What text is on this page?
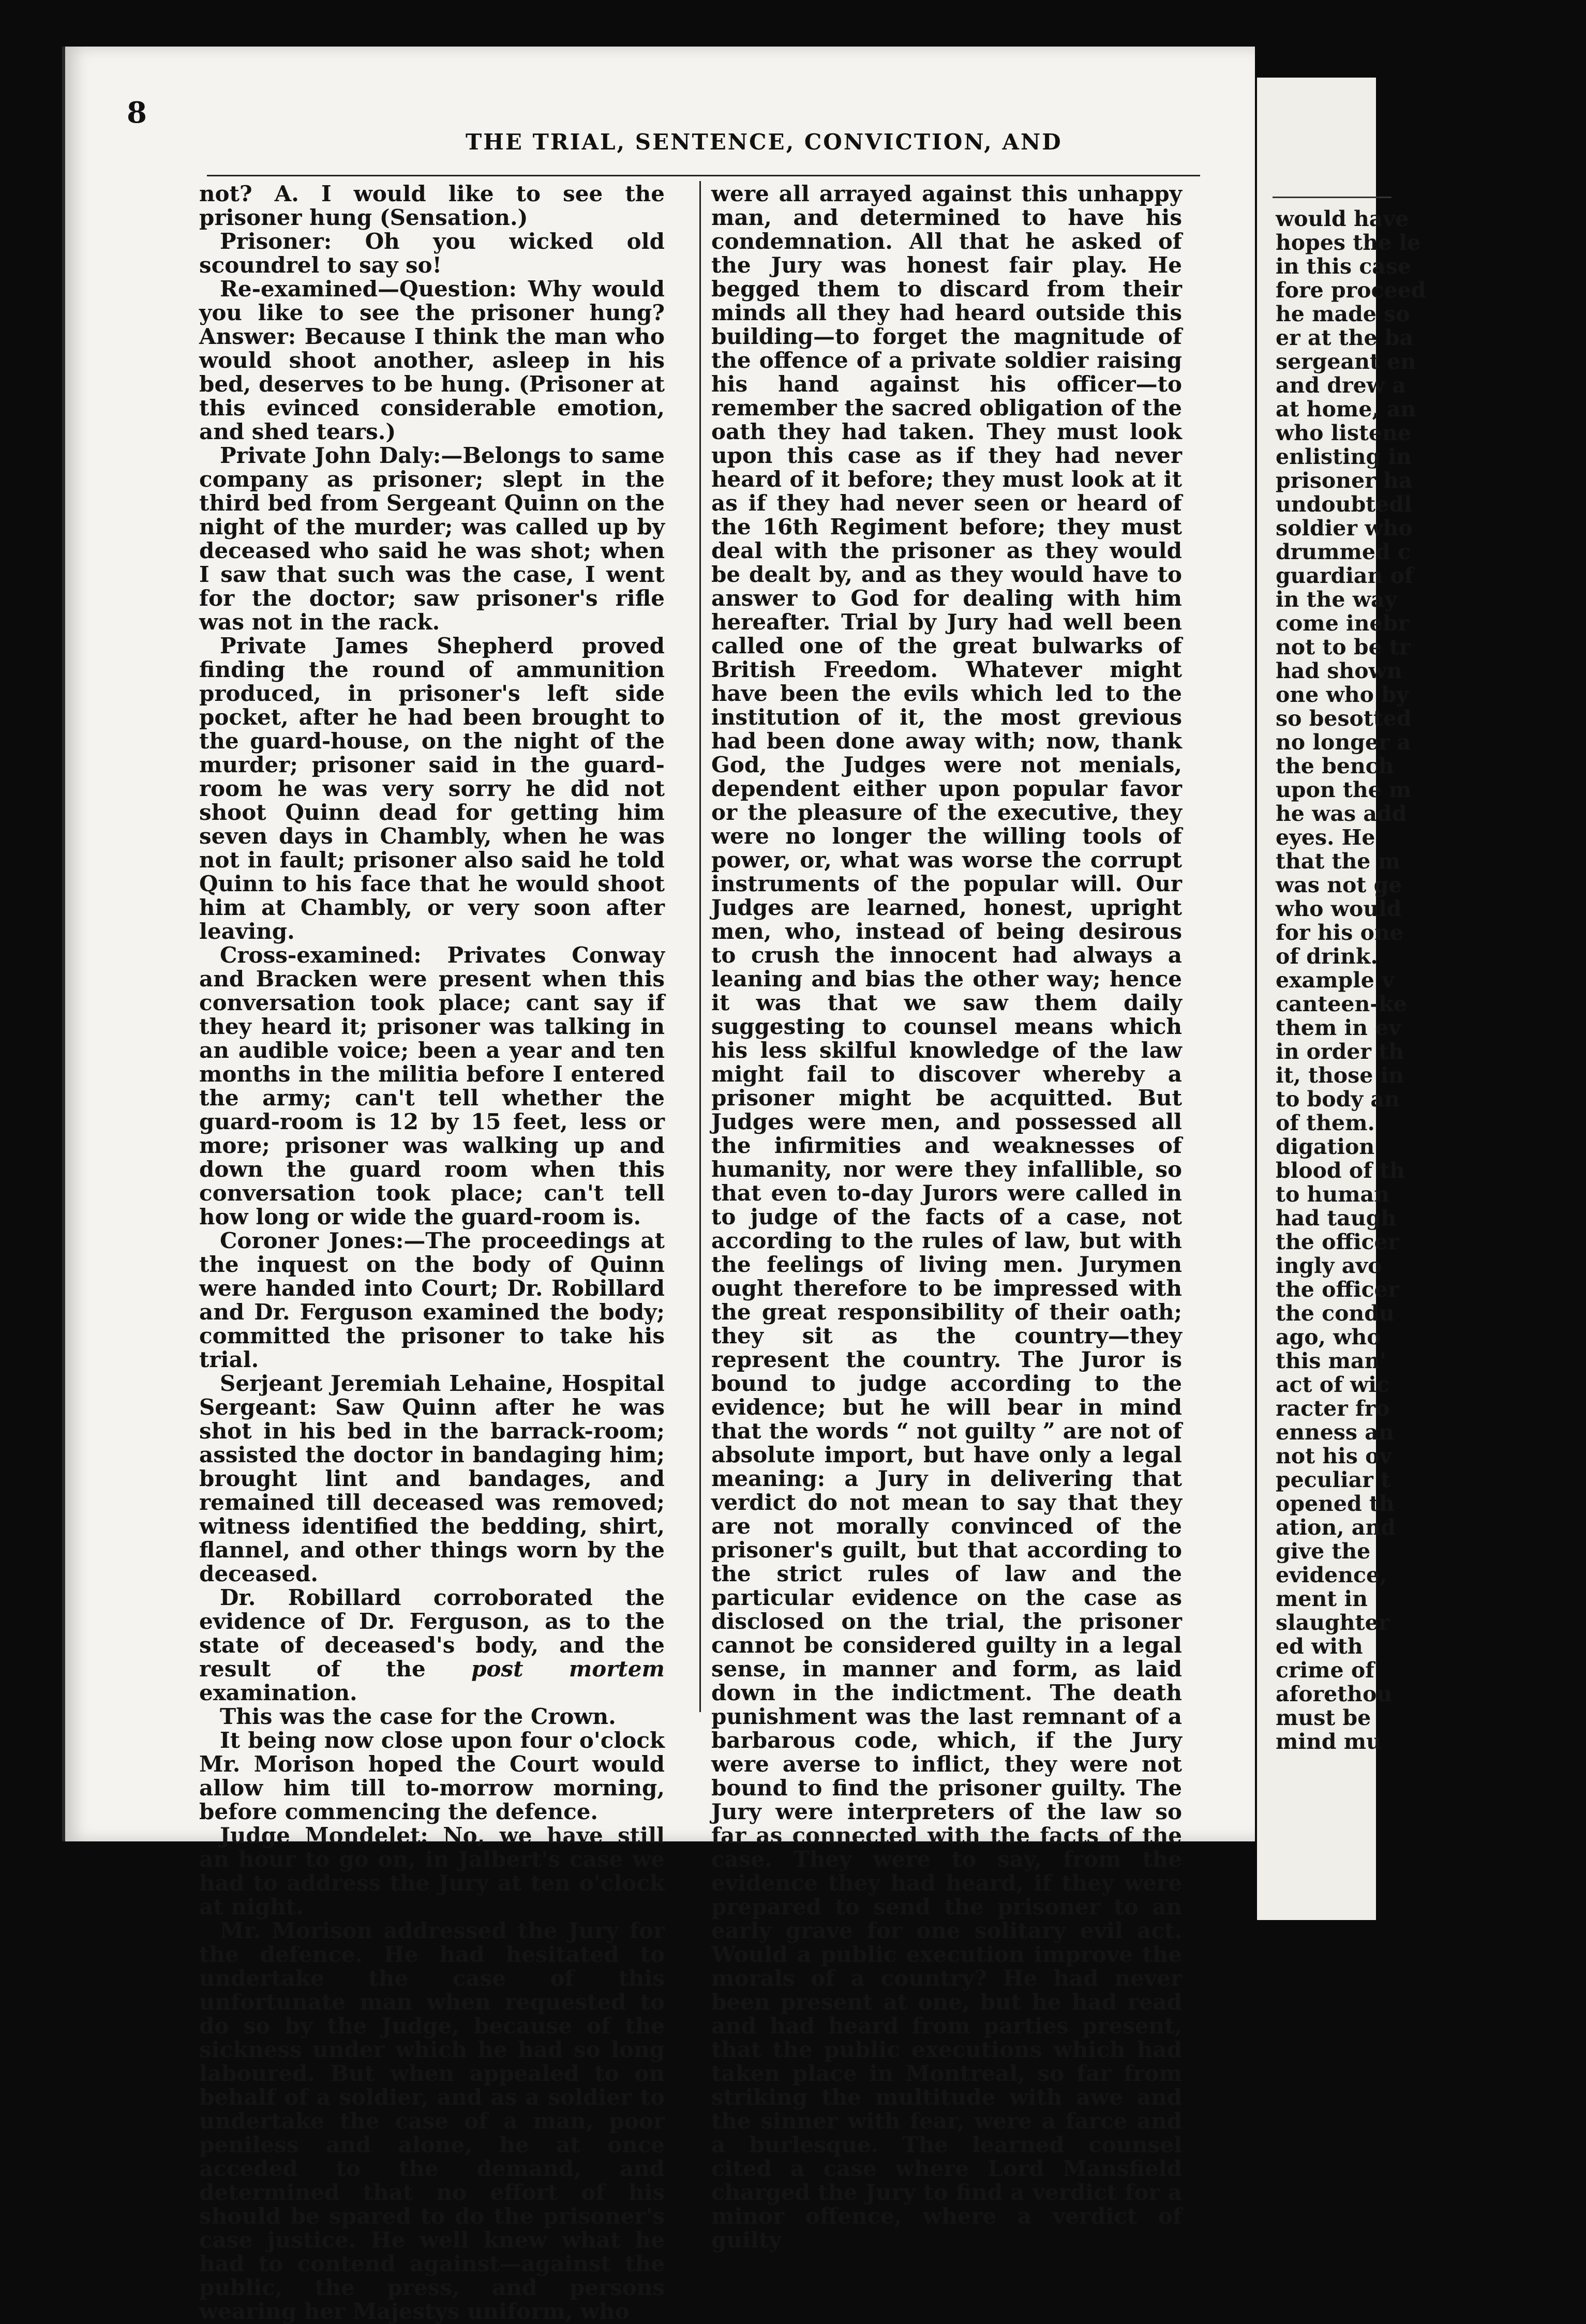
8
THE TRIAL, SENTENCE, CONVICTION, AND

not? A. I would like to see the prisoner hung (Sensation.)

Prisoner: Oh you wicked old scoundrel to say so!

Re-examined—Question: Why would you like to see the prisoner hung? Answer: Because I think the man who would shoot another, asleep in his bed, deserves to be hung. (Prisoner at this evinced considerable emotion, and shed tears.)

Private John Daly:—Belongs to same company as prisoner; slept in the third bed from Sergeant Quinn on the night of the murder; was called up by deceased who said he was shot; when I saw that such was the case, I went for the doctor; saw prisoner's rifle was not in the rack.

Private James Shepherd proved finding the round of ammunition produced, in prisoner's left side pocket, after he had been brought to the guard-house, on the night of the murder; prisoner said in the guard-room he was very sorry he did not shoot Quinn dead for getting him seven days in Chambly, when he was not in fault; prisoner also said he told Quinn to his face that he would shoot him at Chambly, or very soon after leaving.

Cross-examined: Privates Conway and Bracken were present when this conversation took place; cant say if they heard it; prisoner was talking in an audible voice; been a year and ten months in the militia before I entered the army; can't tell whether the guard-room is 12 by 15 feet, less or more; prisoner was walking up and down the guard room when this conversation took place; can't tell how long or wide the guard-room is.

Coroner Jones:—The proceedings at the inquest on the body of Quinn were handed into Court; Dr. Robillard and Dr. Ferguson examined the body; committed the prisoner to take his trial.

Serjeant Jeremiah Lehaine, Hospital Sergeant: Saw Quinn after he was shot in his bed in the barrack-room; assisted the doctor in bandaging him; brought lint and bandages, and remained till deceased was removed; witness identified the bedding, shirt, flannel, and other things worn by the deceased.

Dr. Robillard corroborated the evidence of Dr. Ferguson, as to the state of deceased's body, and the result of the post mortem examination.

This was the case for the Crown.

It being now close upon four o'clock Mr. Morison hoped the Court would allow him till to-morrow morning, before commencing the defence.

Judge Mondelet: No, we have still an hour to go on, in Jalbert's case we had to address the Jury at ten o'clock at night.

Mr. Morison addressed the Jury for the defence. He had hesitated to undertake the case of this unfortunate man when requested to do so by the Judge, because of the sickness under which he had so long laboured. But when appealed to on behalf of a soldier, and as a soldier to undertake the case of a man, poor peniless and alone, he at once acceded to the demand, and determined that no effort of his should be spared to do the prisoner's case justice. He well knew what he had to contend against—against the public, the press, and persons wearing her Majestys uniform, who

were all arrayed against this unhappy man, and determined to have his condemnation. All that he asked of the Jury was honest fair play. He begged them to discard from their minds all they had heard outside this building—to forget the magnitude of the offence of a private soldier raising his hand against his officer—to remember the sacred obligation of the oath they had taken. They must look upon this case as if they had never heard of it before; they must look at it as if they had never seen or heard of the 16th Regiment before; they must deal with the prisoner as they would be dealt by, and as they would have to answer to God for dealing with him hereafter. Trial by Jury had well been called one of the great bulwarks of British Freedom. Whatever might have been the evils which led to the institution of it, the most grevious had been done away with; now, thank God, the Judges were not menials, dependent either upon popular favor or the pleasure of the executive, they were no longer the willing tools of power, or, what was worse the corrupt instruments of the popular will. Our Judges are learned, honest, upright men, who, instead of being desirous to crush the innocent had always a leaning and bias the other way; hence it was that we saw them daily suggesting to counsel means which his less skilful knowledge of the law might fail to discover whereby a prisoner might be acquitted. But Judges were men, and possessed all the infirmities and weaknesses of humanity, nor were they infallible, so that even to-day Jurors were called in to judge of the facts of a case, not according to the rules of law, but with the feelings of living men. Jurymen ought therefore to be impressed with the great responsibility of their oath; they sit as the country—they represent the country. The Juror is bound to judge according to the evidence; but he will bear in mind that the words “ not guilty ” are not of absolute import, but have only a legal meaning: a Jury in delivering that verdict do not mean to say that they are not morally convinced of the prisoner's guilt, but that according to the strict rules of law and the particular evidence on the case as disclosed on the trial, the prisoner cannot be considered guilty in a legal sense, in manner and form, as laid down in the indictment. The death punishment was the last remnant of a barbarous code, which, if the Jury were averse to inflict, they were not bound to find the prisoner guilty. The Jury were interpreters of the law so far as connected with the facts of the case. They were to say, from the evidence they had heard, if they were prepared to send the prisoner to an early grave for one solitary evil act. Would a public execution improve the morals of a country? He had never been present at one, but he had read and had heard from parties present, that the public executions which had taken place in Montreal, so far from striking the multitude with awe and the sinner with fear, were a farce and a burlesque. The learned counsel cited a case where Lord Mansfield charged the Jury to find a verdict for a minor offence, where a verdict of guilty

would have
hopes the le
in this case
fore proceed
he made so
er at the ba
sergeant en
and drew a
at home, an
who listene
enlisting in
prisoner ha
undoubtedl
soldier who
drummed c
guardian of
in the way
come inebr
not to be tr
had shown
one who by
so besotted
no longer a
the bench
upon the m
he was add
eyes. He
that the m
was not ge
who would
for his one
of drink.
example v
canteen-ke
them in ev
in order th
it, those in
to body an
of them.
digation
blood of th
to human
had taugh
the officer
ingly avo
the officer
the condu
ago, who
this man'
act of wic
racter fro
enness an
not his ov
peculiar t
opened th
ation, and
give the
evidence,
ment in
slaughter
ed with
crime of
aforethou
must be
mind mu
